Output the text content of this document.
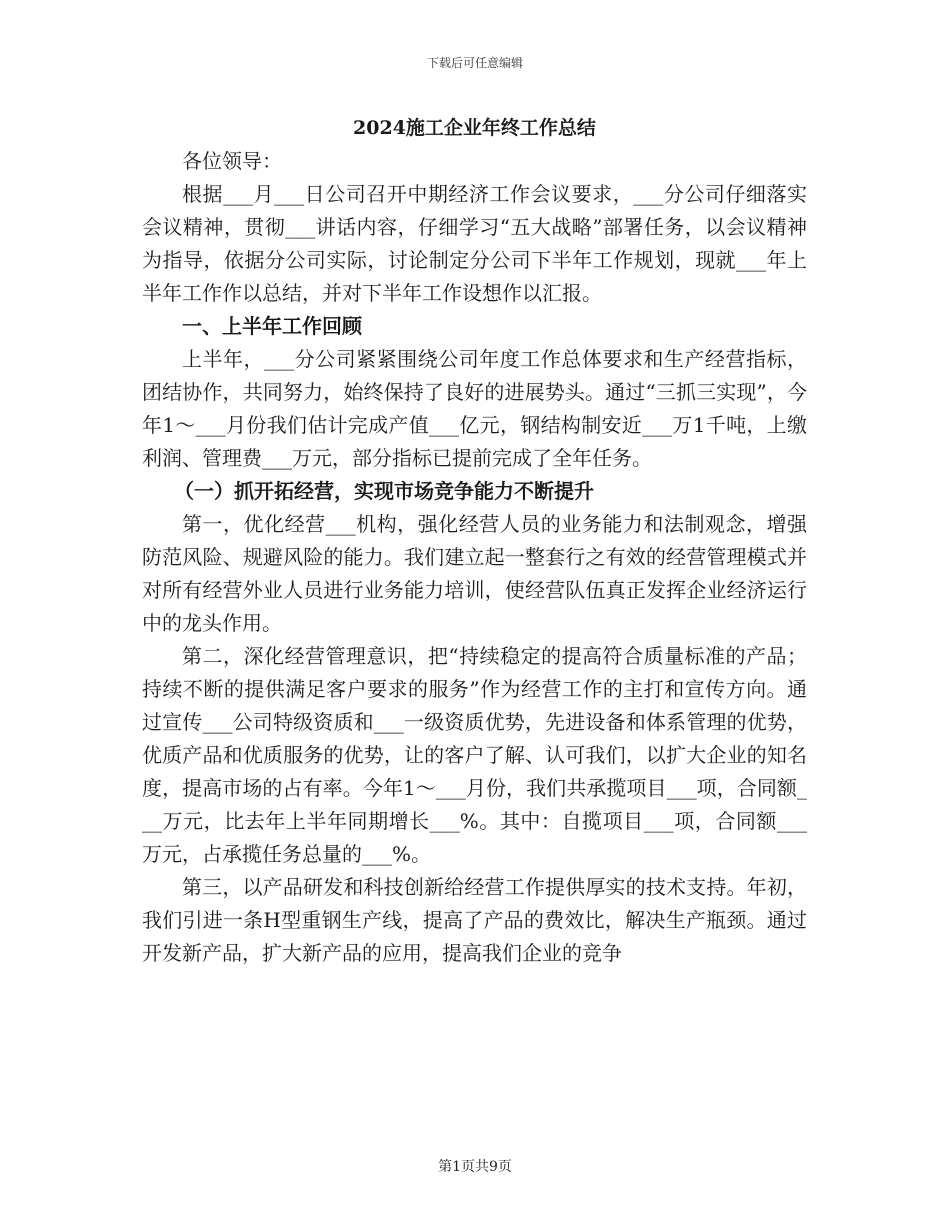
下载后可任意编辑
2024施工企业年终工作总结

各位领导：

根据___月___日公司召开中期经济工作会议要求，___分公司仔细落实会议精神，贯彻___讲话内容，仔细学习“五大战略”部署任务，以会议精神为指导，依据分公司实际，讨论制定分公司下半年工作规划，现就___年上半年工作作以总结，并对下半年工作设想作以汇报。

一、上半年工作回顾

上半年，___分公司紧紧围绕公司年度工作总体要求和生产经营指标，团结协作，共同努力，始终保持了良好的进展势头。通过“三抓三实现”，今年1～___月份我们估计完成产值___亿元，钢结构制安近___万1千吨，上缴利润、管理费___万元，部分指标已提前完成了全年任务。

（一）抓开拓经营，实现市场竞争能力不断提升

第一，优化经营___机构，强化经营人员的业务能力和法制观念，增强防范风险、规避风险的能力。我们建立起一整套行之有效的经营管理模式并对所有经营外业人员进行业务能力培训，使经营队伍真正发挥企业经济运行中的龙头作用。

第二，深化经营管理意识，把“持续稳定的提高符合质量标准的产品；持续不断的提供满足客户要求的服务”作为经营工作的主打和宣传方向。通过宣传___公司特级资质和___一级资质优势，先进设备和体系管理的优势，优质产品和优质服务的优势，让的客户了解、认可我们，以扩大企业的知名度，提高市场的占有率。今年1～___月份，我们共承揽项目___项，合同额___万元，比去年上半年同期增长___%。其中：自揽项目___项，合同额___万元，占承揽任务总量的___%。

第三，以产品研发和科技创新给经营工作提供厚实的技术支持。年初，我们引进一条H型重钢生产线，提高了产品的费效比，解决生产瓶颈。通过开发新产品，扩大新产品的应用，提高我们企业的竞争

第1页共9页
